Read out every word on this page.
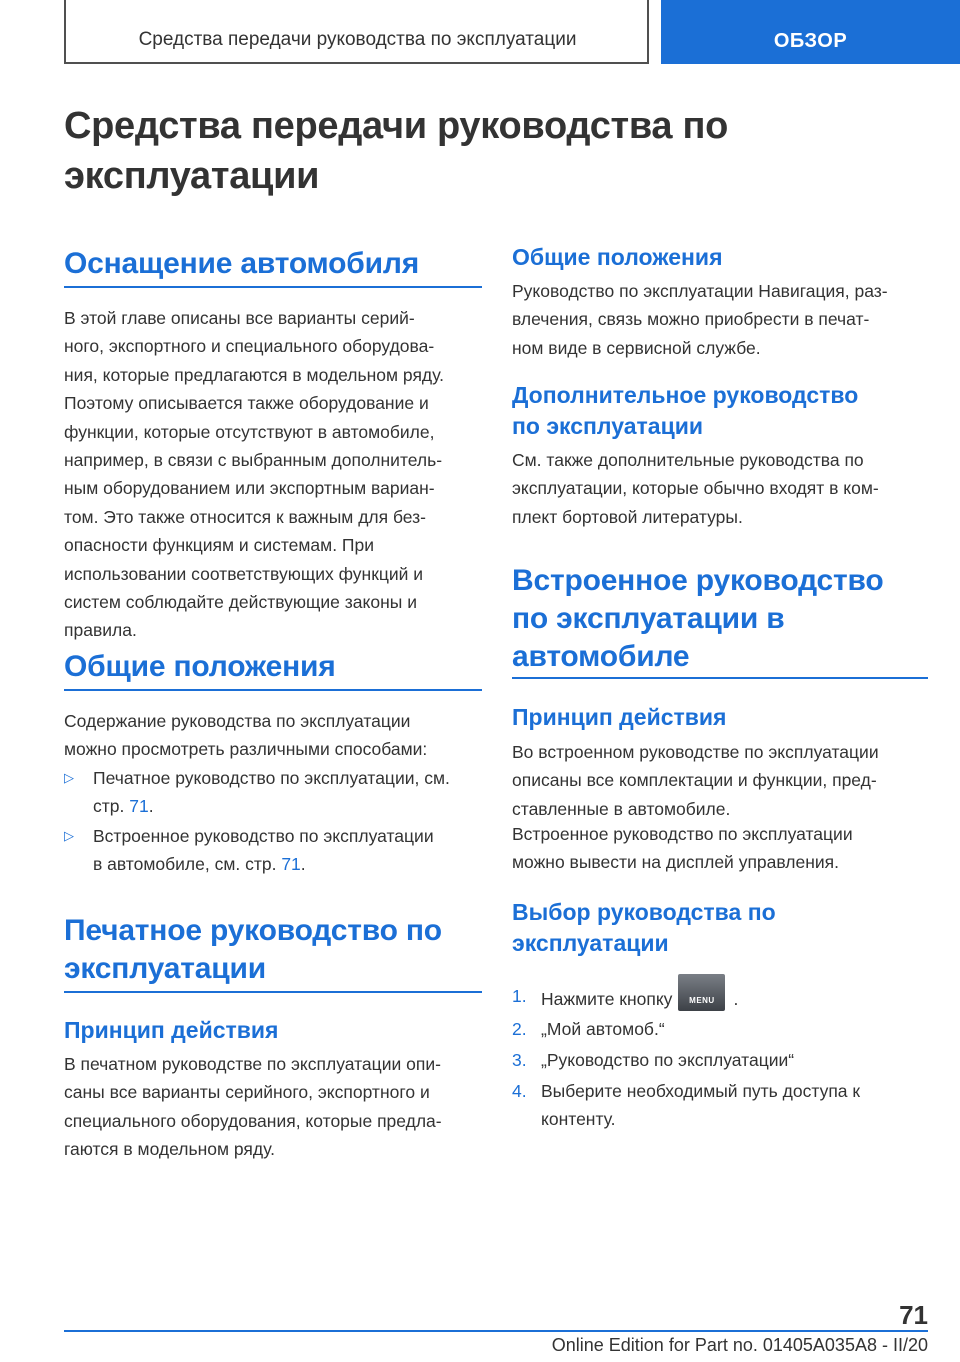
Средства передачи руководства по эксплуатации	ОБЗОР
Средства передачи руководства по
эксплуатации
Оснащение автомобиля
В этой главе описаны все варианты серий-
ного, экспортного и специального оборудова-
ния, которые предлагаются в модельном ряду.
Поэтому описывается также оборудование и
функции, которые отсутствуют в автомобиле,
например, в связи с выбранным дополнитель-
ным оборудованием или экспортным вариан-
том. Это также относится к важным для без-
опасности функциям и системам. При
использовании соответствующих функций и
систем соблюдайте действующие законы и
правила.
Общие положения
Содержание руководства по эксплуатации
можно просмотреть различными способами:
▷ Печатное руководство по эксплуатации, см.
стр. 71.
▷ Встроенное руководство по эксплуатации
в автомобиле, см. стр. 71.
Печатное руководство по
эксплуатации
Принцип действия
В печатном руководстве по эксплуатации опи-
саны все варианты серийного, экспортного и
специального оборудования, которые предла-
гаются в модельном ряду.
Общие положения
Руководство по эксплуатации Навигация, раз-
влечения, связь можно приобрести в печат-
ном виде в сервисной службе.
Дополнительное руководство
по эксплуатации
См. также дополнительные руководства по
эксплуатации, которые обычно входят в ком-
плект бортовой литературы.
Встроенное руководство
по эксплуатации в
автомобиле
Принцип действия
Во встроенном руководстве по эксплуатации
описаны все комплектации и функции, пред-
ставленные в автомобиле.
Встроенное руководство по эксплуатации
можно вывести на дисплей управления.
Выбор руководства по
эксплуатации
1. Нажмите кнопку	MENU	.
2. „Мой автомоб.“
3. „Руководство по эксплуатации“
4. Выберите необходимый путь доступа к
контенту.
71
Online Edition for Part no. 01405A035A8 - II/20
